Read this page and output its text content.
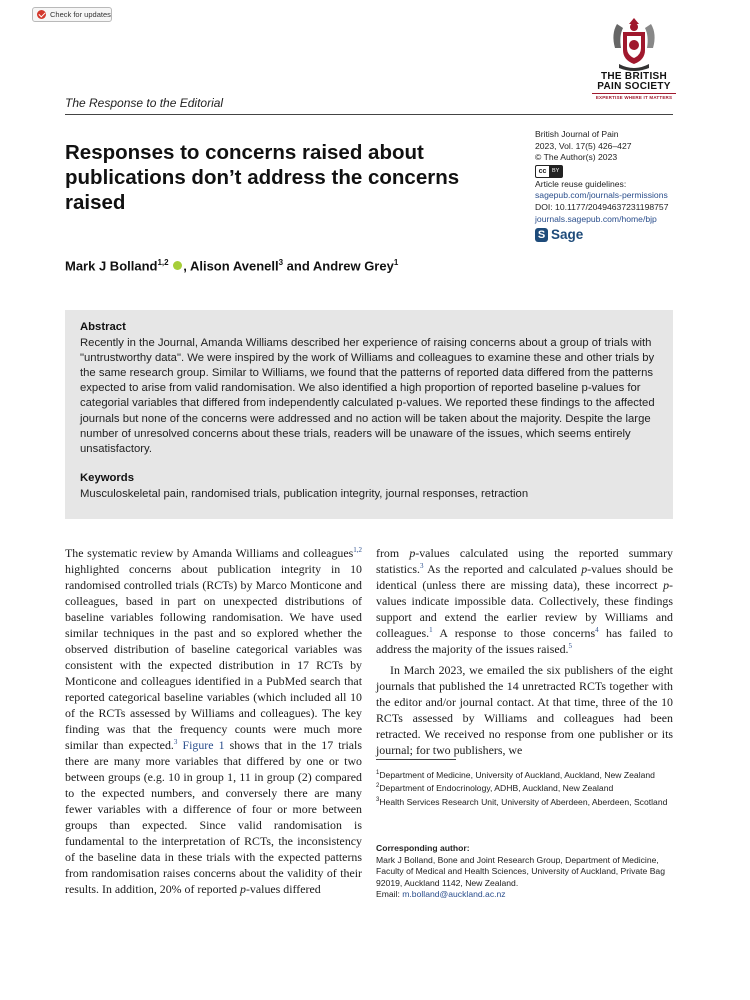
Check for updates
THE BRITISH
PAIN SOCIETY
EXPERTISE WHERE IT MATTERS
The Response to the Editorial
Responses to concerns raised about publications don’t address the concerns raised
British Journal of Pain
2023, Vol. 17(5) 426–427
© The Author(s) 2023
cc	BY
Article reuse guidelines:
sagepub.com/journals-permissions
DOI: 10.1177/20494637231198757
journals.sagepub.com/home/bjp
S Sage
Mark J Bolland$^{1,2}$ , Alison Avenell$^3$ and Andrew Grey$^1$
Abstract

Recently in the Journal, Amanda Williams described her experience of raising concerns about a group of trials with "untrustworthy data". We were inspired by the work of Williams and colleagues to examine these and other trials by the same research group. Similar to Williams, we found that the patterns of reported data differed from the patterns expected to arise from valid randomisation. We also identified a high proportion of reported baseline p-values for categorial variables that differed from independently calculated p-values. We reported these findings to the affected journals but none of the concerns were addressed and no action will be taken about the majority. Despite the large number of unresolved concerns about these trials, readers will be unaware of the issues, which seems entirely unsatisfactory.

Keywords

Musculoskeletal pain, randomised trials, publication integrity, journal responses, retraction

The systematic review by Amanda Williams and colleagues$^{1,2}$ highlighted concerns about publication integrity in 10 randomised controlled trials (RCTs) by Marco Monticone and colleagues, based in part on unexpected distributions of baseline variables following randomisation. We have used similar techniques in the past and so explored whether the observed distribution of baseline categorical variables was consistent with the expected distribution in 17 RCTs by Monticone and colleagues identified in a PubMed search that reported categorical baseline variables (which included all 10 of the RCTs assessed by Williams and colleagues). The key finding was that the frequency counts were much more similar than expected.$^3$ Figure 1 shows that in the 17 trials there are many more variables that differed by one or two between groups (e.g. 10 in group 1, 11 in group (2) compared to the expected numbers, and conversely there are many fewer variables with a difference of four or more between groups than expected. Since valid randomisation is fundamental to the interpretation of RCTs, the inconsistency of the baseline data in these trials with the expected patterns from randomisation raises concerns about the validity of their results. In addition, 20% of reported p-values differed

from p-values calculated using the reported summary statistics.$^3$ As the reported and calculated p-values should be identical (unless there are missing data), these incorrect p-values indicate impossible data. Collectively, these findings support and extend the earlier review by Williams and colleagues.$^1$ A response to those concerns$^4$ has failed to address the majority of the issues raised.$^5$

In March 2023, we emailed the six publishers of the eight journals that published the 14 unretracted RCTs together with the editor and/or journal contact. At that time, three of the 10 RCTs assessed by Williams and colleagues had been retracted. We received no response from one publisher or its journal; for two publishers, we

$^1$Department of Medicine, University of Auckland, Auckland, New Zealand
$^2$Department of Endocrinology, ADHB, Auckland, New Zealand
$^3$Health Services Research Unit, University of Aberdeen, Aberdeen, Scotland
Corresponding author:
Mark J Bolland, Bone and Joint Research Group, Department of Medicine, Faculty of Medical and Health Sciences, University of Auckland, Private Bag 92019, Auckland 1142, New Zealand.
Email: m.bolland@auckland.ac.nz
